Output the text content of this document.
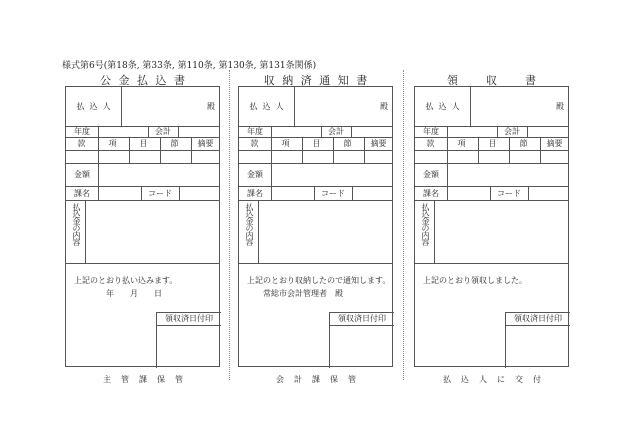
様式第6号(第18条, 第33条, 第110条, 第130条, 第131条関係)
公 金 払 込 書
払  込  人	殿
年度	会計
款	項	目	節	摘要
金額
課名	コード
払込金の内容
　上記のとおり払い込みます。
　　　　　年　　月　　日
領収済日付印
主　管　課　保　管
収 納 済 通 知 書
払  込  人	殿
年度	会計
款	項	目	節	摘要
金額
課名	コード
払込金の内容
　上記のとおり収納したので通知します。
　　　常総市会計管理者　殿
領収済日付印
会　計　課　保　管
領　　収　　書
払  込  人	殿
年度	会計
款	項	目	節	摘要
金額
課名	コード
払込金の内容
　上記のとおり領収しました。
領収済日付印
払　込　人　に　交　付
